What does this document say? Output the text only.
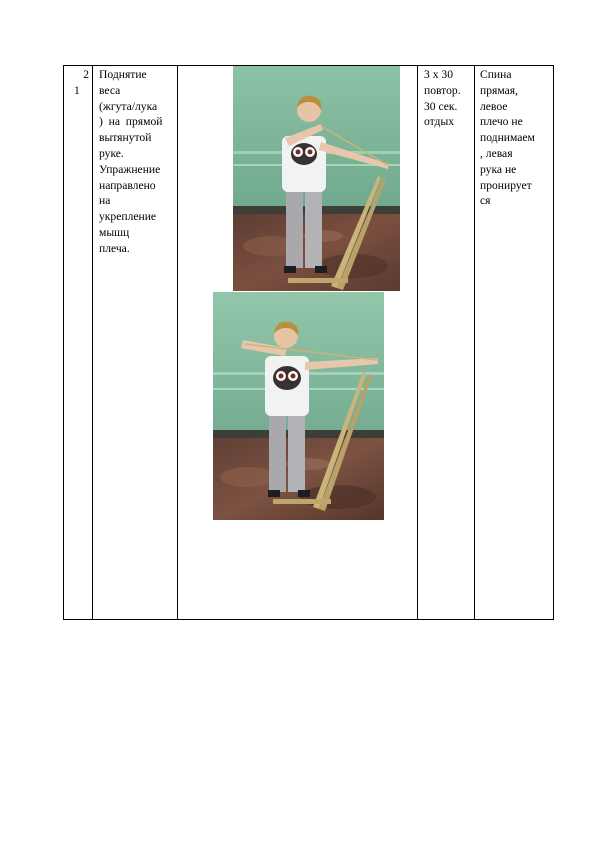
2
1

Поднятие
веса
(жгута/лука
)  на  прямой
вытянутой
руке.
Упражнение
направлено
на
укрепление
мышц
плеча.

3 х 30
повтор.
30 сек.
отдых

Спина
прямая,
левое
плечо не
поднимаем
, левая
рука не
пронирует
ся
